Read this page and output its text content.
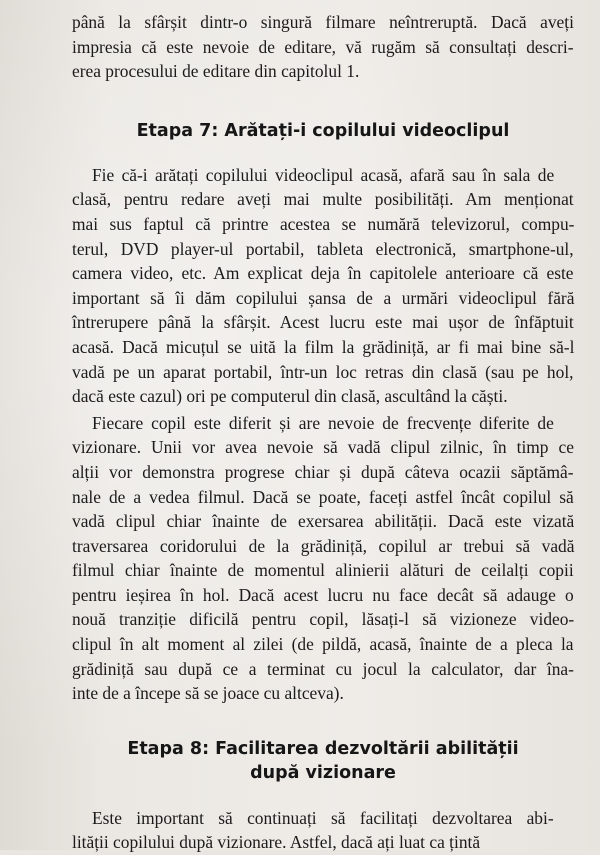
până la sfârșit dintr-o singură filmare neîntreruptă. Dacă aveți
impresia că este nevoie de editare, vă rugăm să consultați descri-
erea procesului de editare din capitolul 1.

Etapa 7: Arătați-i copilului videoclipul

Fie că-i arătați copilului videoclipul acasă, afară sau în sala de
clasă, pentru redare aveți mai multe posibilități. Am menționat
mai sus faptul că printre acestea se numără televizorul, compu-
terul, DVD player-ul portabil, tableta electronică, smartphone-ul,
camera video, etc. Am explicat deja în capitolele anterioare că este
important să îi dăm copilului șansa de a urmări videoclipul fără
întrerupere până la sfârșit. Acest lucru este mai ușor de înfăptuit
acasă. Dacă micuțul se uită la film la grădiniță, ar fi mai bine să-l
vadă pe un aparat portabil, într-un loc retras din clasă (sau pe hol,
dacă este cazul) ori pe computerul din clasă, ascultând la căști.

Fiecare copil este diferit și are nevoie de frecvențe diferite de
vizionare. Unii vor avea nevoie să vadă clipul zilnic, în timp ce
alții vor demonstra progrese chiar și după câteva ocazii săptămâ-
nale de a vedea filmul. Dacă se poate, faceți astfel încât copilul să
vadă clipul chiar înainte de exersarea abilității. Dacă este vizată
traversarea coridorului de la grădiniță, copilul ar trebui să vadă
filmul chiar înainte de momentul alinierii alături de ceilalți copii
pentru ieșirea în hol. Dacă acest lucru nu face decât să adauge o
nouă tranziție dificilă pentru copil, lăsați-l să vizioneze video-
clipul în alt moment al zilei (de pildă, acasă, înainte de a pleca la
grădiniță sau după ce a terminat cu jocul la calculator, dar îna-
inte de a începe să se joace cu altceva).

Etapa 8: Facilitarea dezvoltării abilității
după vizionare

Este important să continuați să facilitați dezvoltarea abi-
lității copilului după vizionare. Astfel, dacă ați luat ca țintă
